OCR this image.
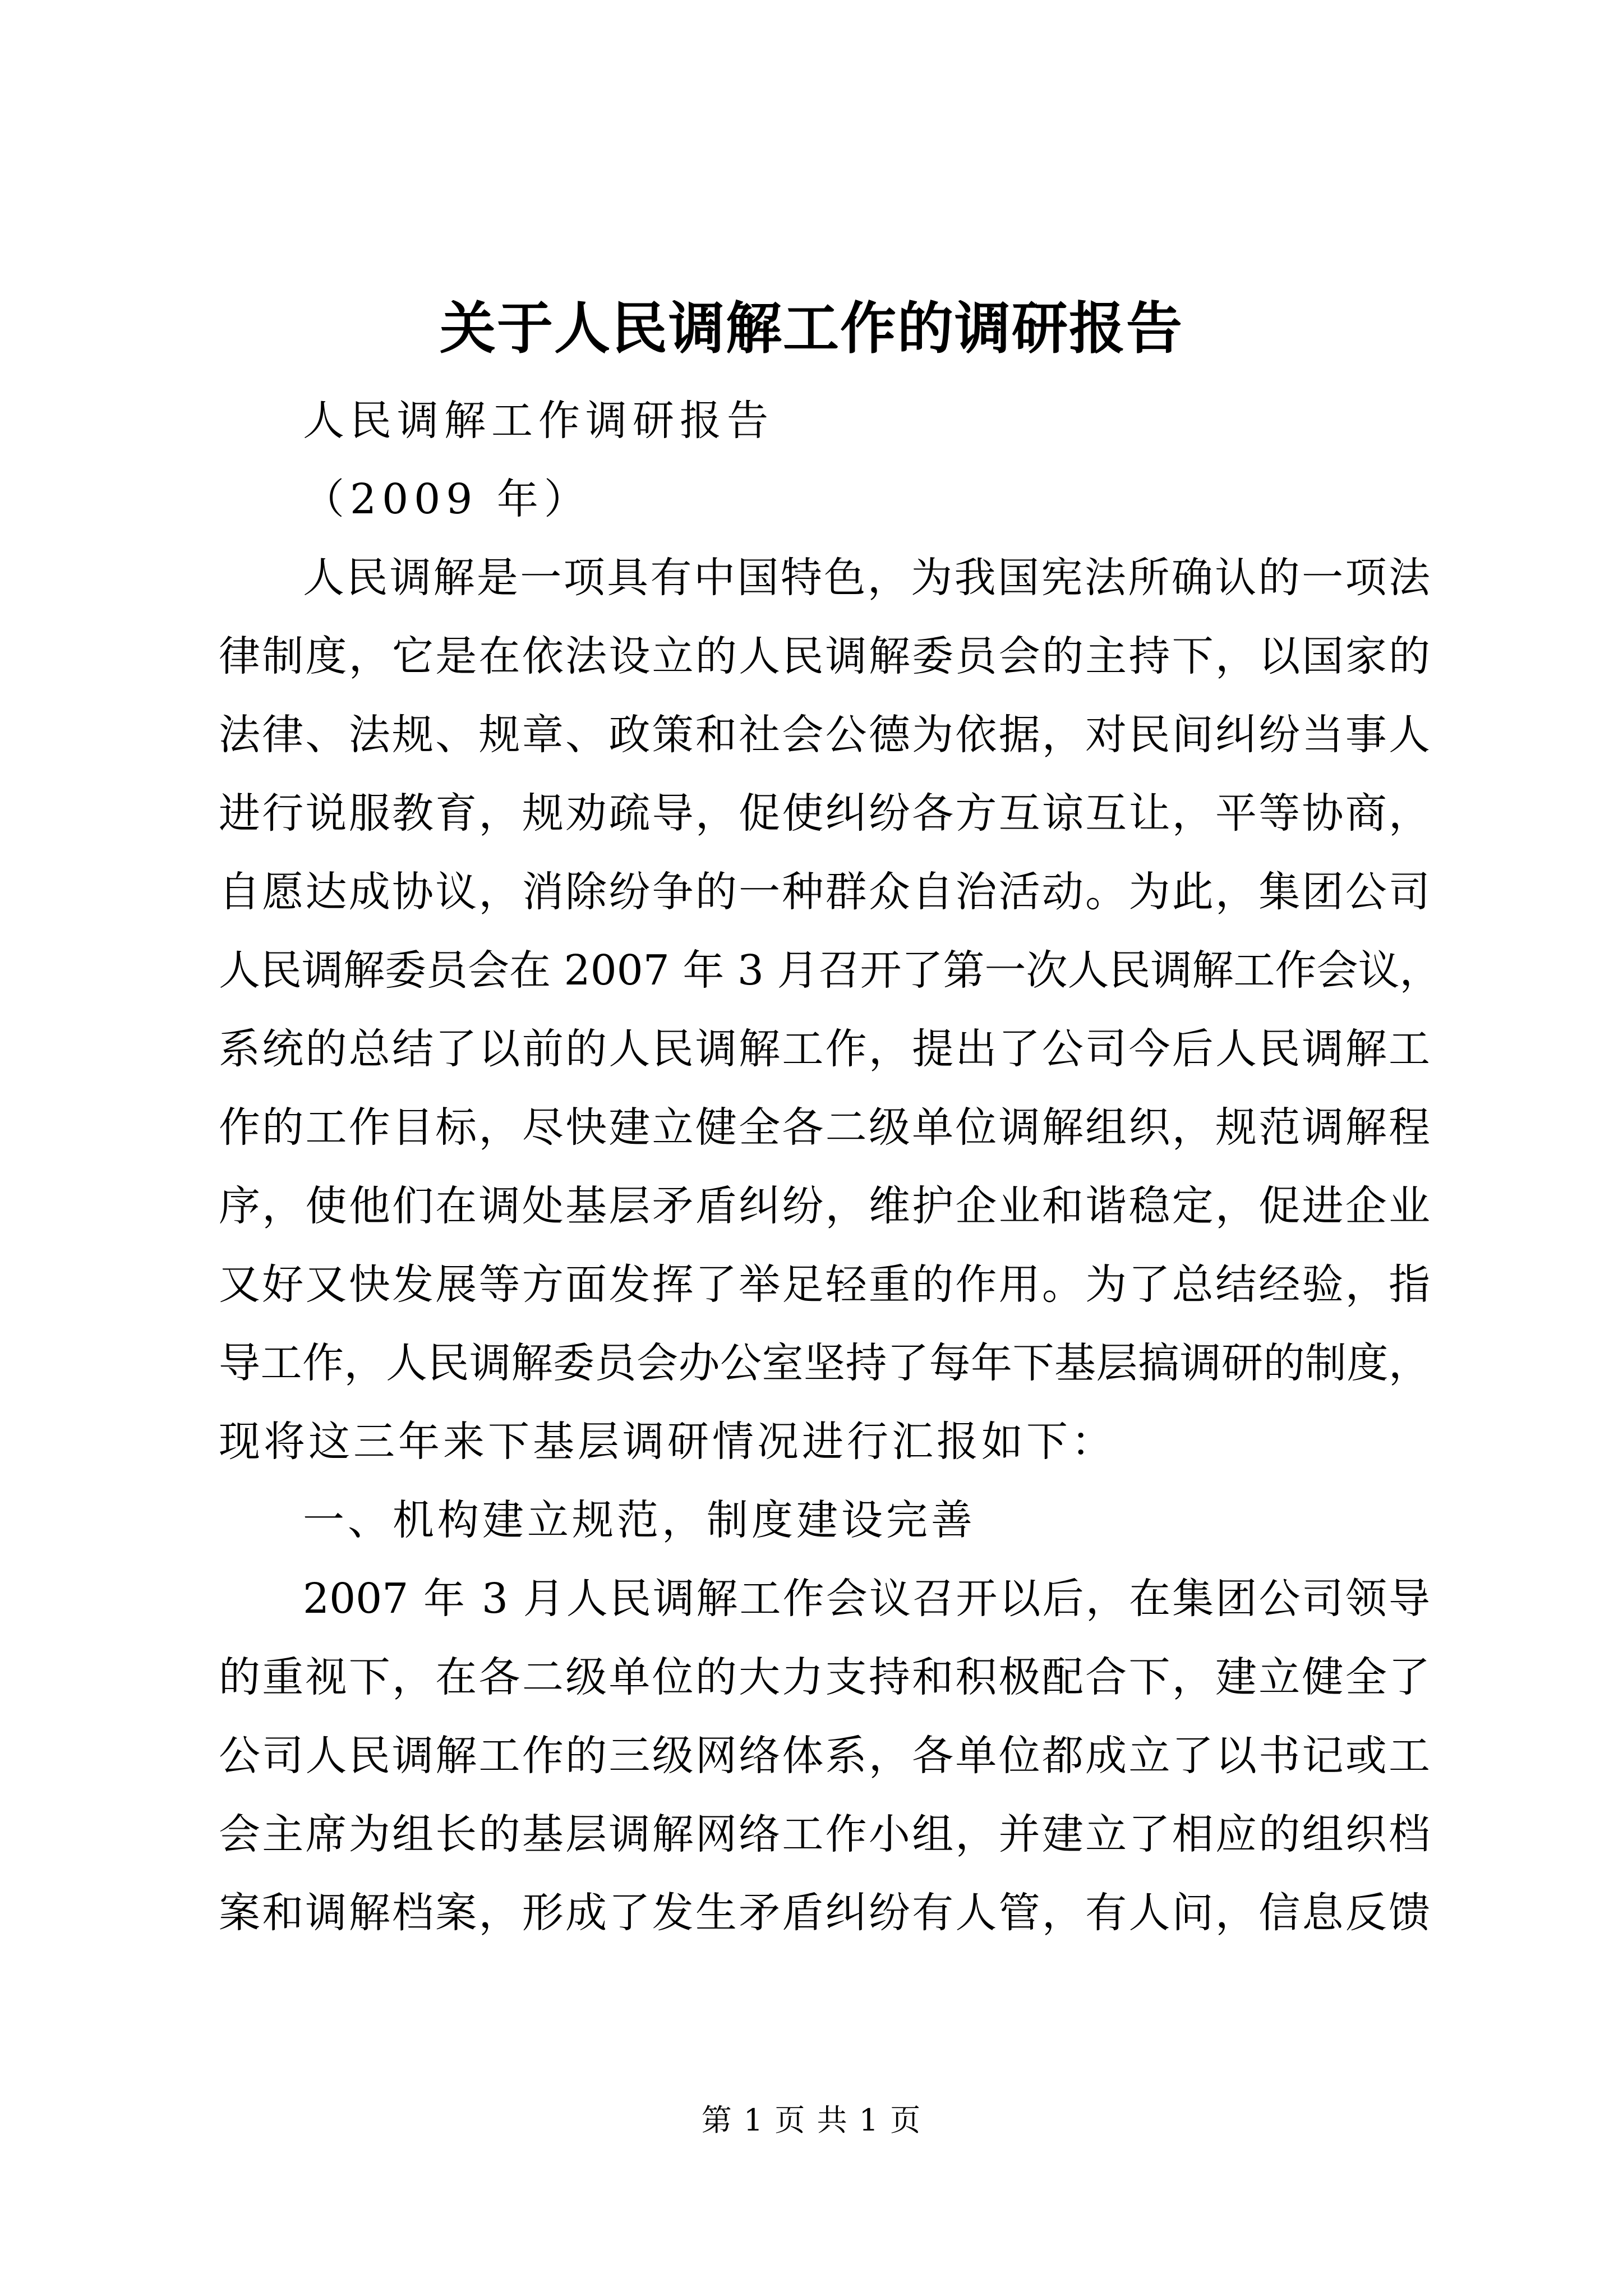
关于人民调解工作的调研报告
人民调解工作调研报告
（2009 年）
人民调解是一项具有中国特色，为我国宪法所确认的一项法
律制度，它是在依法设立的人民调解委员会的主持下，以国家的
法律、法规、规章、政策和社会公德为依据，对民间纠纷当事人
进行说服教育，规劝疏导，促使纠纷各方互谅互让，平等协商，
自愿达成协议，消除纷争的一种群众自治活动。为此，集团公司
人民调解委员会在 2007 年 3 月召开了第一次人民调解工作会议，
系统的总结了以前的人民调解工作，提出了公司今后人民调解工
作的工作目标，尽快建立健全各二级单位调解组织，规范调解程
序，使他们在调处基层矛盾纠纷，维护企业和谐稳定，促进企业
又好又快发展等方面发挥了举足轻重的作用。为了总结经验，指
导工作，人民调解委员会办公室坚持了每年下基层搞调研的制度，
现将这三年来下基层调研情况进行汇报如下：
一、机构建立规范，制度建设完善
2007 年 3 月人民调解工作会议召开以后，在集团公司领导
的重视下，在各二级单位的大力支持和积极配合下，建立健全了
公司人民调解工作的三级网络体系，各单位都成立了以书记或工
会主席为组长的基层调解网络工作小组，并建立了相应的组织档
案和调解档案，形成了发生矛盾纠纷有人管，有人问，信息反馈
第 1 页 共 1 页
